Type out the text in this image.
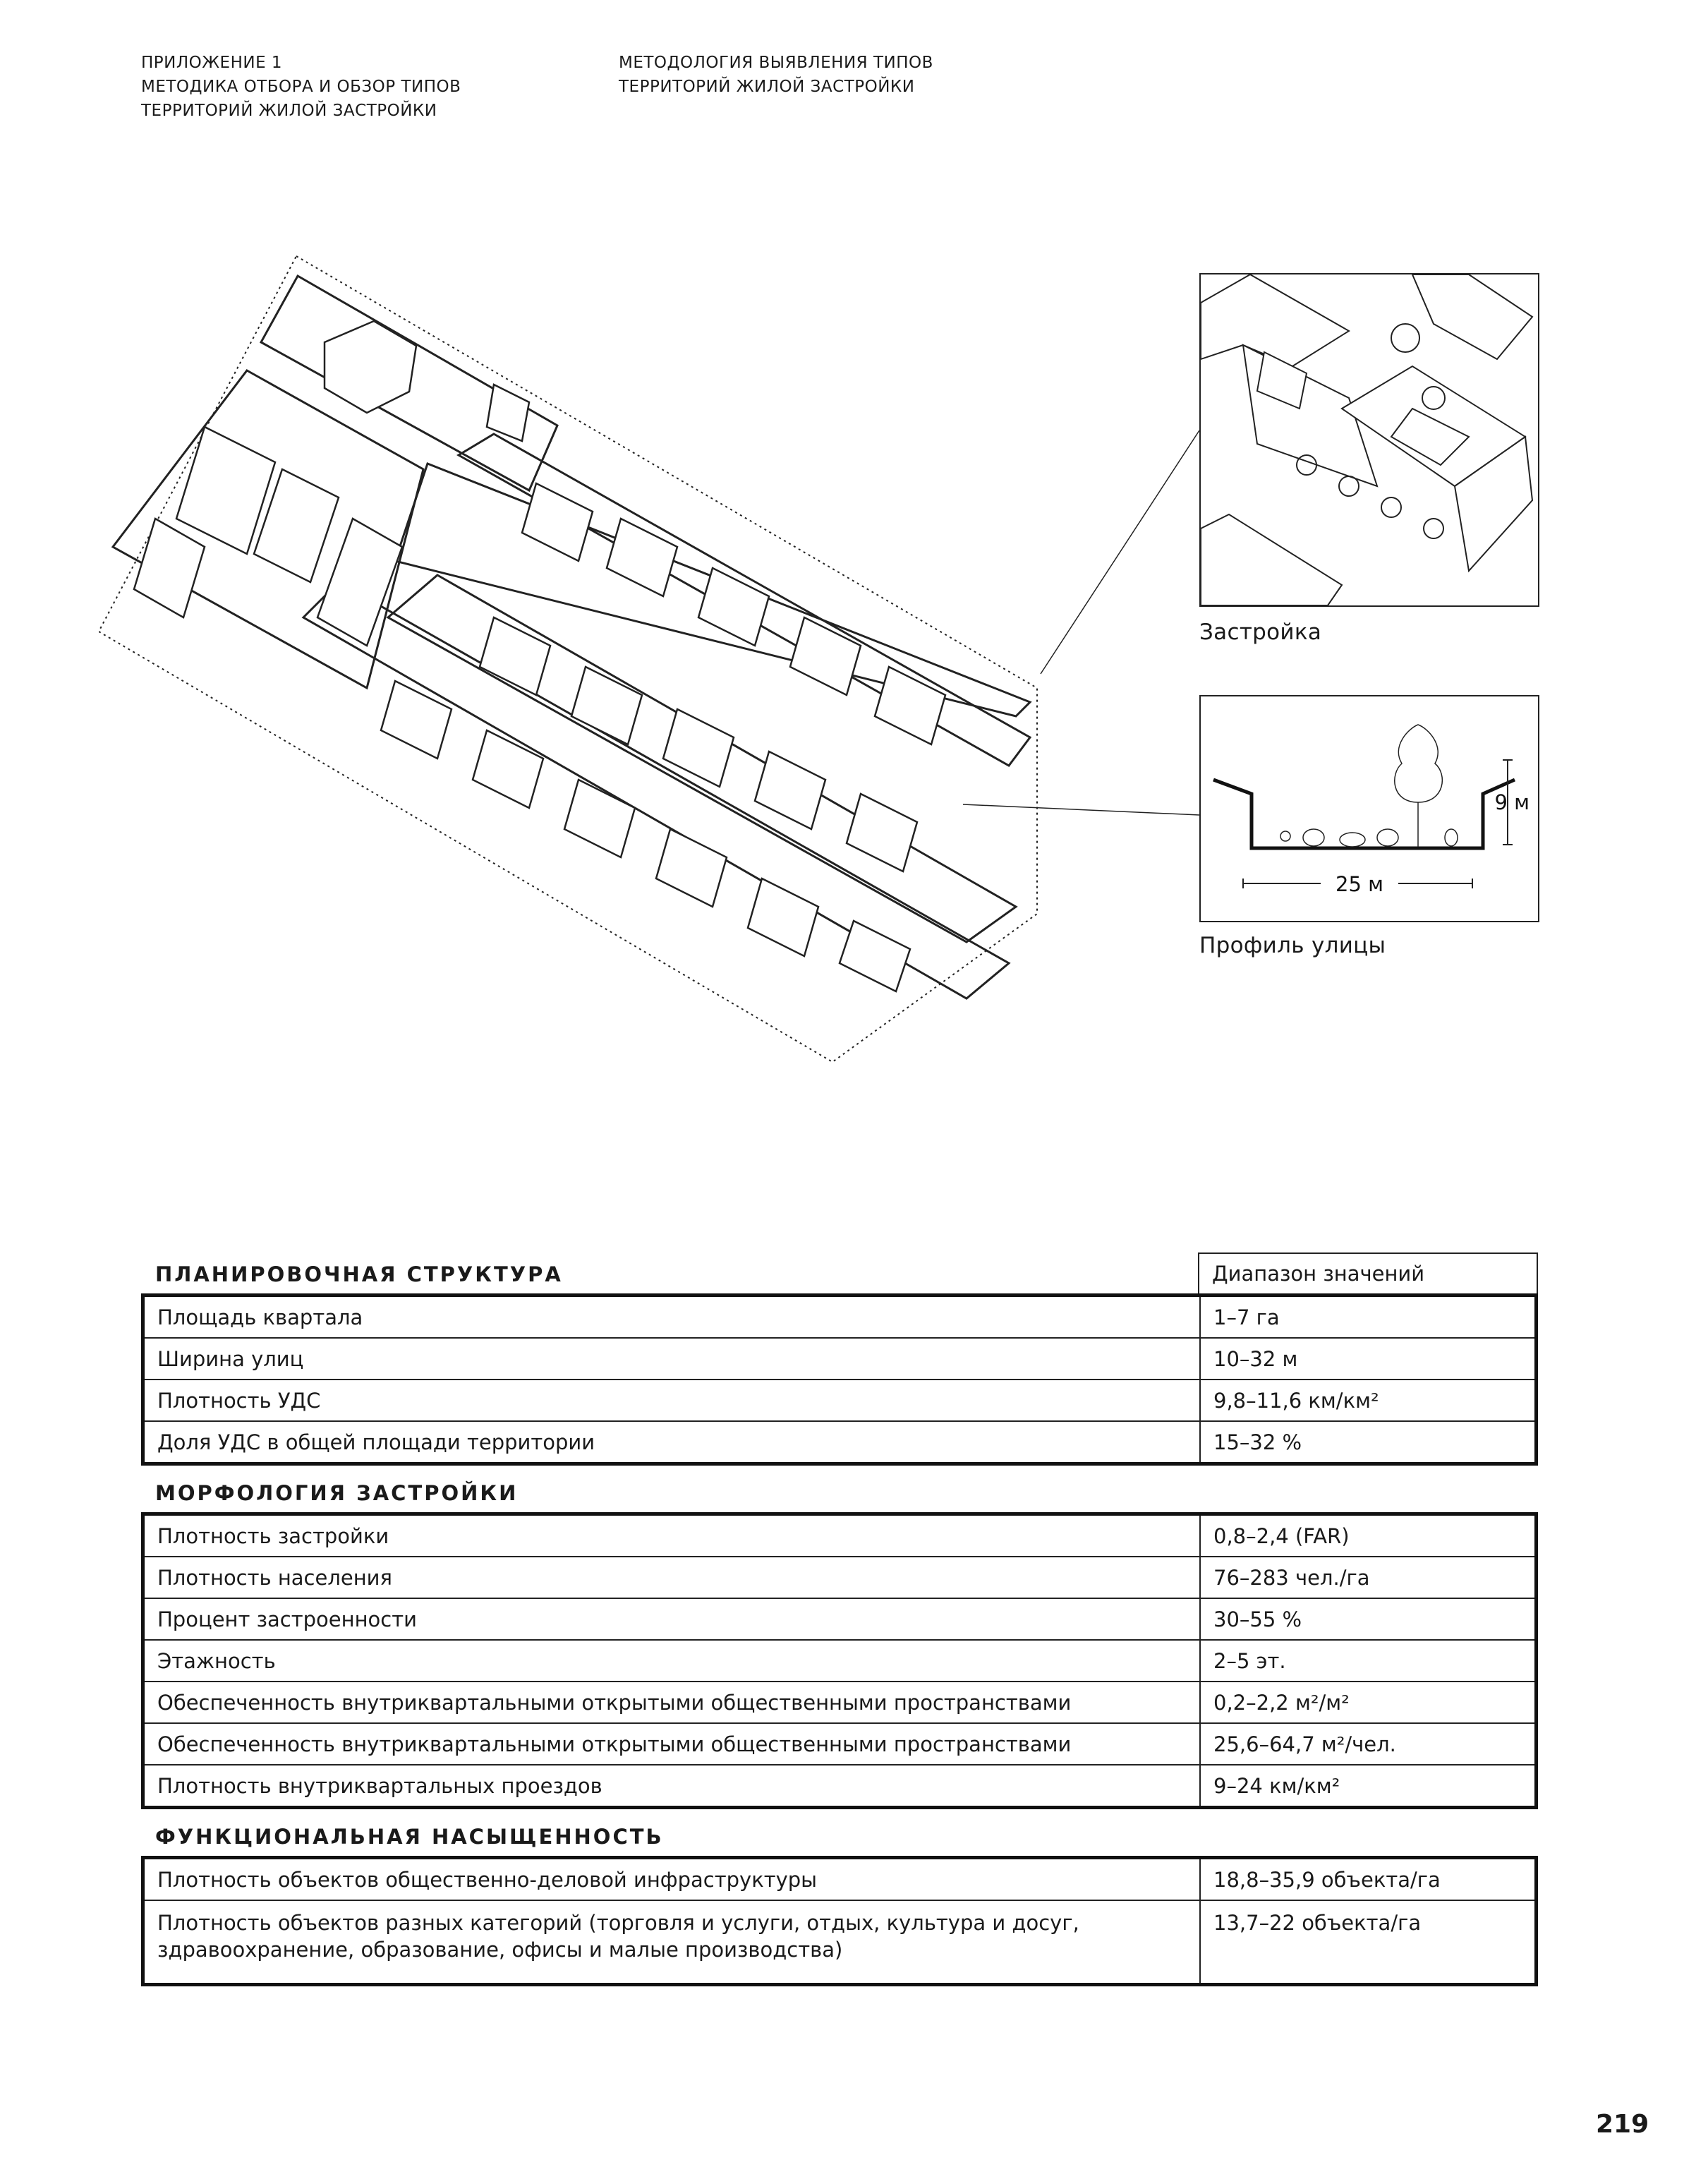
ПРИЛОЖЕНИЕ 1
МЕТОДИКА ОТБОРА И ОБЗОР ТИПОВ
ТЕРРИТОРИЙ ЖИЛОЙ ЗАСТРОЙКИ
МЕТОДОЛОГИЯ ВЫЯВЛЕНИЯ ТИПОВ
ТЕРРИТОРИЙ ЖИЛОЙ ЗАСТРОЙКИ
Застройка
25 м
9 м
Профиль улицы
ПЛАНИРОВОЧНАЯ СТРУКТУРА	Диапазон значений
Площадь квартала	1–7 га
Ширина улиц	10–32 м
Плотность УДС	9,8–11,6 км/км²
Доля УДС в общей площади территории	15–32 %
МОРФОЛОГИЯ ЗАСТРОЙКИ
Плотность застройки	0,8–2,4 (FAR)
Плотность населения	76–283 чел./га
Процент застроенности	30–55 %
Этажность	2–5 эт.
Обеспеченность внутриквартальными открытыми общественными пространствами	0,2–2,2 м²/м²
Обеспеченность внутриквартальными открытыми общественными пространствами	25,6–64,7 м²/чел.
Плотность внутриквартальных проездов	9–24 км/км²
ФУНКЦИОНАЛЬНАЯ НАСЫЩЕННОСТЬ
Плотность объектов общественно-деловой инфраструктуры	18,8–35,9 объекта/га
Плотность объектов разных категорий (торговля и услуги, отдых, культура и досуг, здравоохранение, образование, офисы и малые производства)	13,7–22 объекта/га
219
